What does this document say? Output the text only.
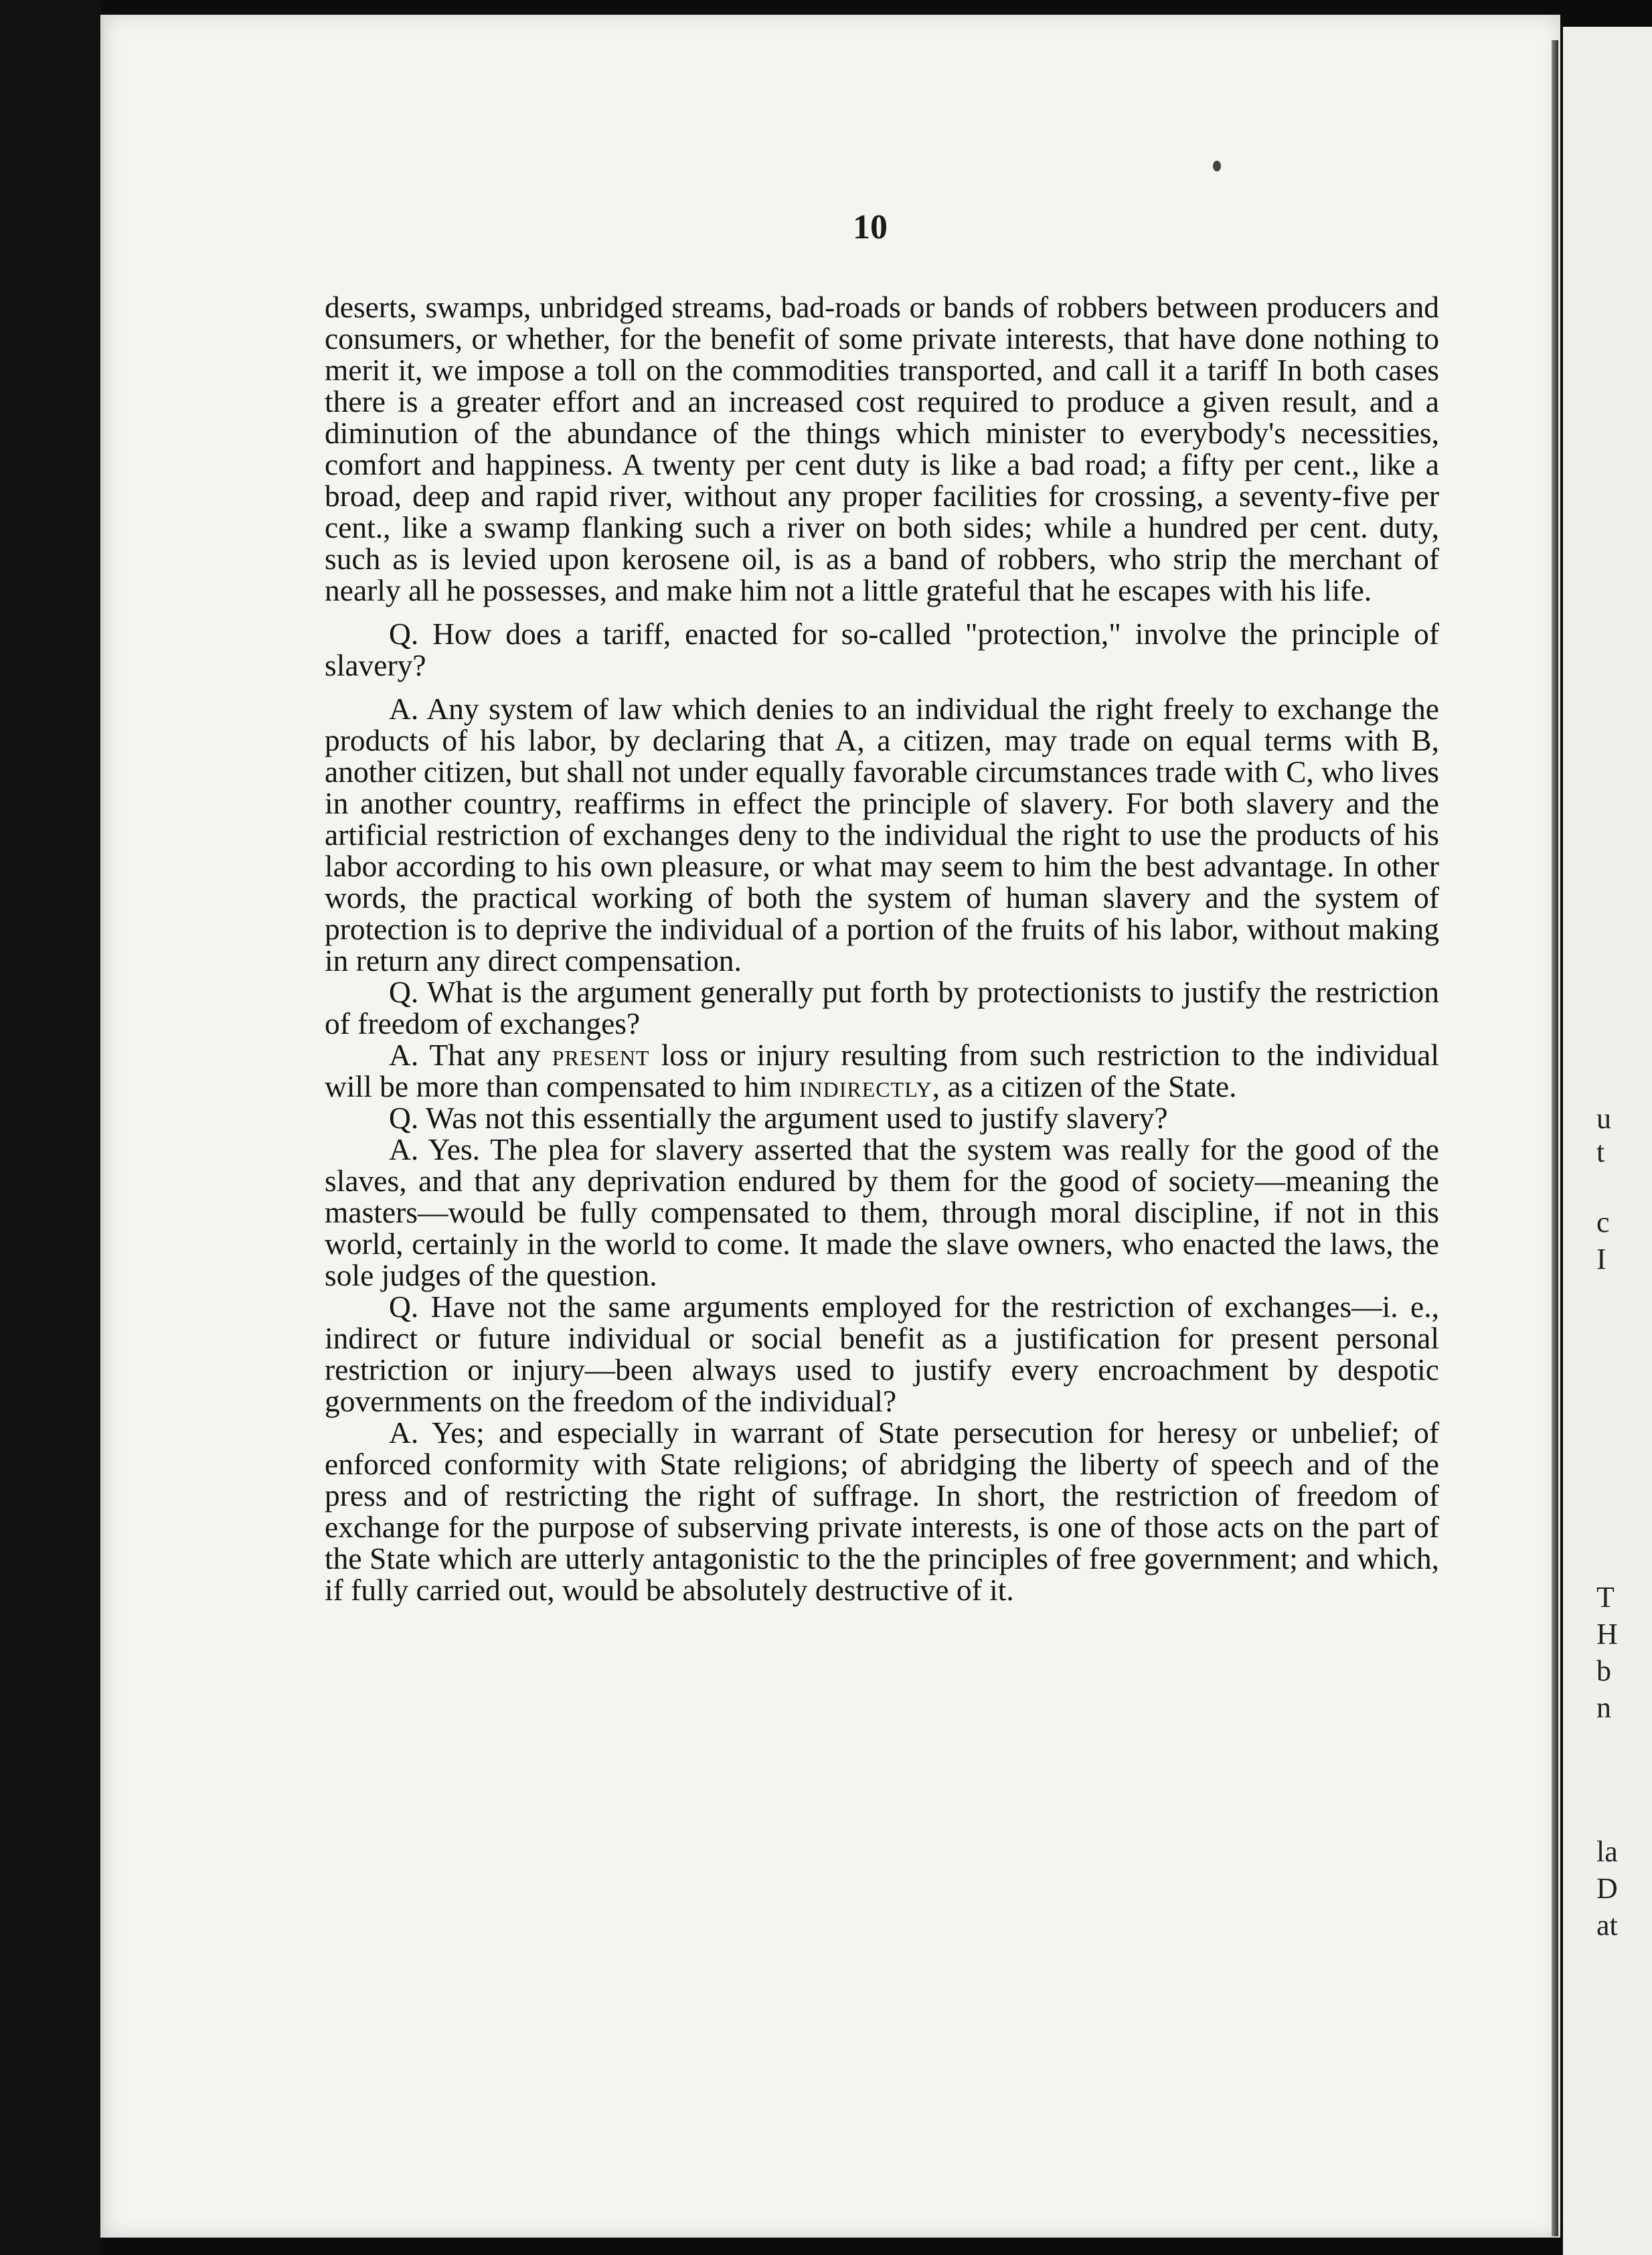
u
t
c
I
T
H
b
n
la
D
at
10

deserts, swamps, unbridged streams, bad-roads or bands of robbers between producers and consumers, or whether, for the benefit of some private interests, that have done nothing to merit it, we impose a toll on the commodities transported, and call it a tariff In both cases there is a greater effort and an increased cost required to produce a given result, and a diminution of the abundance of the things which minister to everybody's necessities, comfort and happiness. A twenty per cent duty is like a bad road; a fifty per cent., like a broad, deep and rapid river, without any proper facilities for crossing, a seventy-five per cent., like a swamp flanking such a river on both sides; while a hundred per cent. duty, such as is levied upon kerosene oil, is as a band of robbers, who strip the merchant of nearly all he possesses, and make him not a little grateful that he escapes with his life.

Q. How does a tariff, enacted for so-called "protection," involve the principle of slavery?

A. Any system of law which denies to an individual the right freely to exchange the products of his labor, by declaring that A, a citizen, may trade on equal terms with B, another citizen, but shall not under equally favorable circumstances trade with C, who lives in another country, reaffirms in effect the principle of slavery. For both slavery and the artificial restriction of exchanges deny to the individual the right to use the products of his labor according to his own pleasure, or what may seem to him the best advantage. In other words, the practical working of both the system of human slavery and the system of protection is to deprive the individual of a portion of the fruits of his labor, without making in return any direct compensation.

Q. What is the argument generally put forth by protectionists to justify the restriction of freedom of exchanges?

A. That any present loss or injury resulting from such restriction to the individual will be more than compensated to him indirectly, as a citizen of the State.

Q. Was not this essentially the argument used to justify slavery?

A. Yes. The plea for slavery asserted that the system was really for the good of the slaves, and that any deprivation endured by them for the good of society—meaning the masters—would be fully compensated to them, through moral discipline, if not in this world, certainly in the world to come. It made the slave owners, who enacted the laws, the sole judges of the question.

Q. Have not the same arguments employed for the restriction of exchanges—i. e., indirect or future individual or social benefit as a justification for present personal restriction or injury—been always used to justify every encroachment by despotic governments on the freedom of the individual?

A. Yes; and especially in warrant of State persecution for heresy or unbelief; of enforced conformity with State religions; of abridging the liberty of speech and of the press and of restricting the right of suffrage. In short, the restriction of freedom of exchange for the purpose of subserving private interests, is one of those acts on the part of the State which are utterly antagonistic to the the principles of free government; and which, if fully carried out, would be absolutely destructive of it.
